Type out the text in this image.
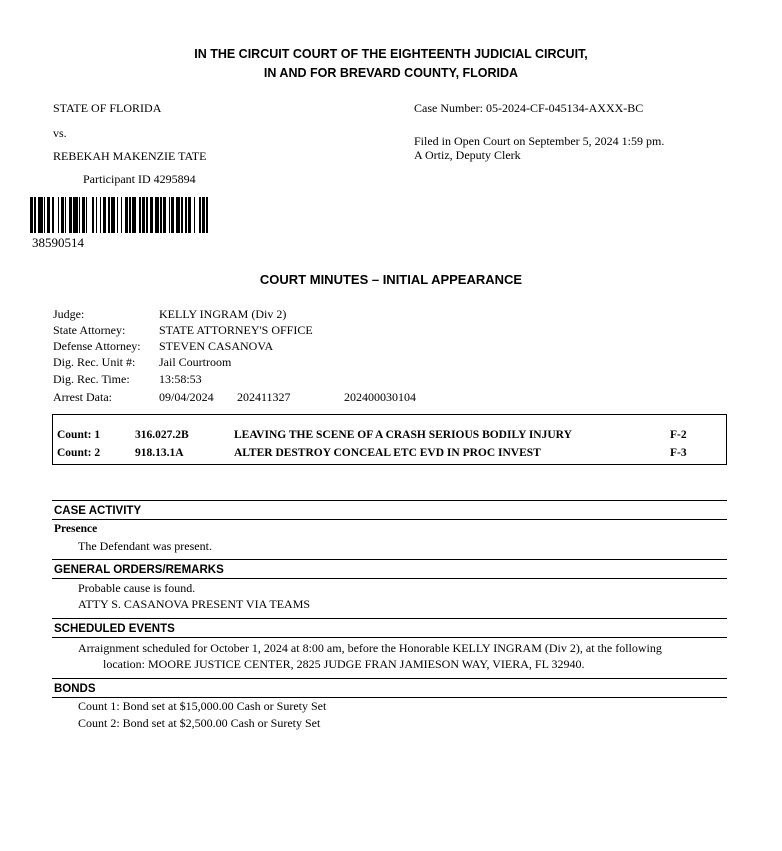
IN THE CIRCUIT COURT OF THE EIGHTEENTH JUDICIAL CIRCUIT,
IN AND FOR BREVARD COUNTY, FLORIDA
STATE OF FLORIDA
vs.
REBEKAH MAKENZIE TATE
Participant ID 4295894
Case Number: 05-2024-CF-045134-AXXX-BC
Filed in Open Court on September 5, 2024 1:59 pm.
A Ortiz, Deputy Clerk
38590514
COURT MINUTES – INITIAL APPEARANCE
Judge:	KELLY INGRAM (Div 2)
State Attorney:	STATE ATTORNEY'S OFFICE
Defense Attorney: STEVEN CASANOVA
Dig. Rec. Unit #: Jail Courtroom
Dig. Rec. Time: 13:58:53
Arrest Data:	09/04/2024 202411327	202400030104
Count: 1	316.027.2B	LEAVING THE SCENE OF A CRASH SERIOUS BODILY INJURY	F-2
Count: 2	918.13.1A	ALTER DESTROY CONCEAL ETC EVD IN PROC INVEST	F-3
CASE ACTIVITY
Presence
The Defendant was present.
GENERAL ORDERS/REMARKS
Probable cause is found.
ATTY S. CASANOVA PRESENT VIA TEAMS
SCHEDULED EVENTS
Arraignment scheduled for October 1, 2024 at 8:00 am, before the Honorable KELLY INGRAM (Div 2), at the following
location: MOORE JUSTICE CENTER, 2825 JUDGE FRAN JAMIESON WAY, VIERA, FL 32940.
BONDS
Count 1: Bond set at $15,000.00 Cash or Surety Set
Count 2: Bond set at $2,500.00 Cash or Surety Set
